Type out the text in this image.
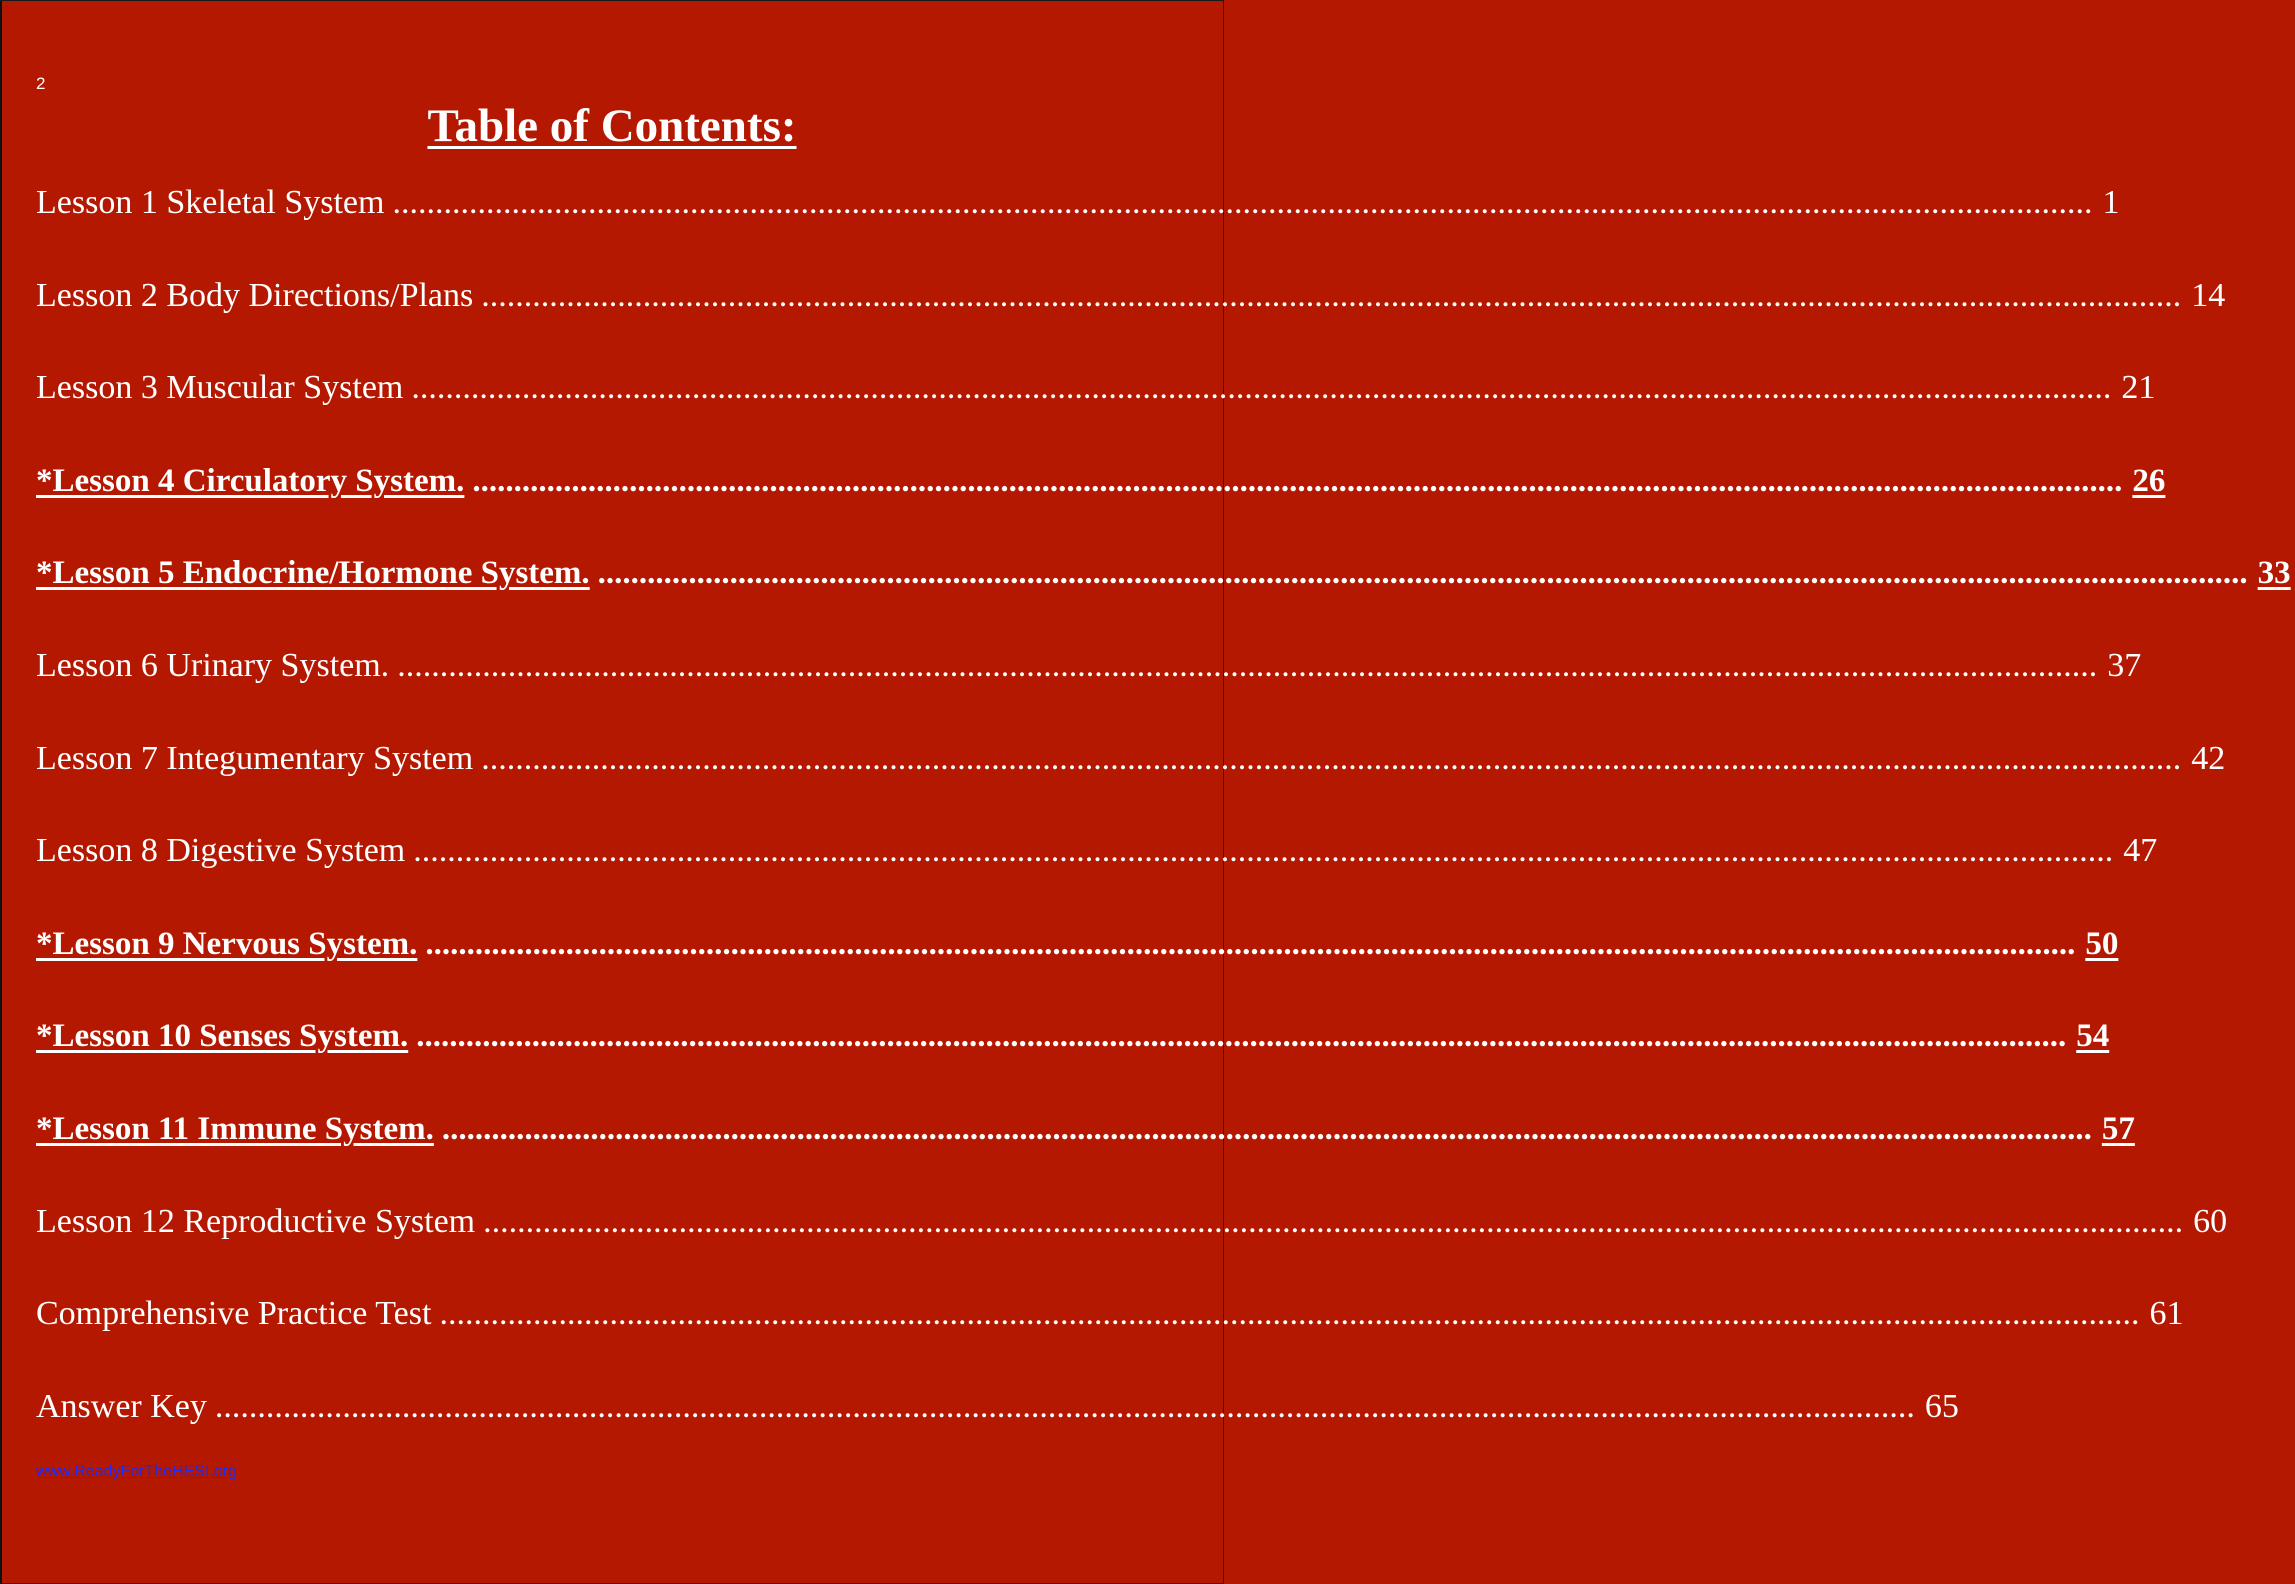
2
Table of Contents:
Lesson 1 Skeletal System ........................................................................................................................................................................................................ 1
Lesson 2 Body Directions/Plans ........................................................................................................................................................................................................ 14
Lesson 3 Muscular System ........................................................................................................................................................................................................ 21
*Lesson 4 Circulatory System. ........................................................................................................................................................................................................ 26
*Lesson 5 Endocrine/Hormone System. ........................................................................................................................................................................................................ 33
Lesson 6 Urinary System. ........................................................................................................................................................................................................ 37
Lesson 7 Integumentary System ........................................................................................................................................................................................................ 42
Lesson 8 Digestive System ........................................................................................................................................................................................................ 47
*Lesson 9 Nervous System. ........................................................................................................................................................................................................ 50
*Lesson 10 Senses System. ........................................................................................................................................................................................................ 54
*Lesson 11 Immune System. ........................................................................................................................................................................................................ 57
Lesson 12 Reproductive System ........................................................................................................................................................................................................ 60
Comprehensive Practice Test ........................................................................................................................................................................................................ 61
Answer Key ........................................................................................................................................................................................................ 65
www.ReadyForTheHESI.org
